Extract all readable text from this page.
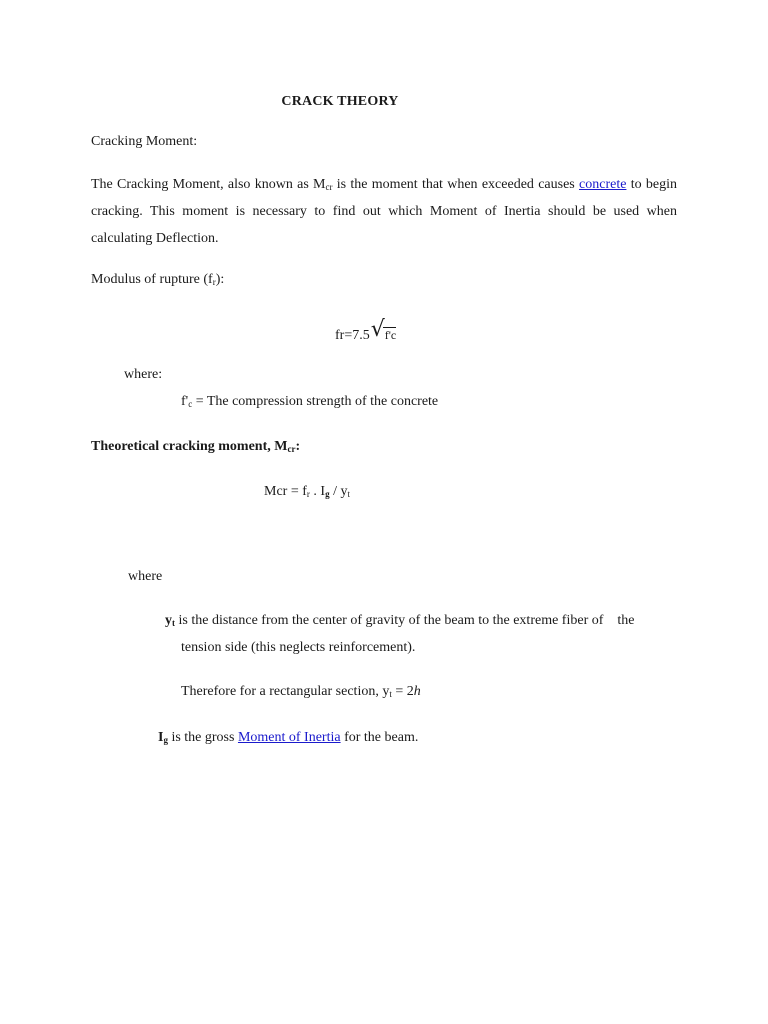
CRACK THEORY
Cracking Moment:
The Cracking Moment, also known as $M_{cr}$ is the moment that when exceeded causes concrete to begin cracking. This moment is necessary to find out which Moment of Inertia should be used when calculating Deflection.
Modulus of rupture $(f_r)$:
fr=7.5√f'c
where:
$f'_c$ = The compression strength of the concrete
Theoretical cracking moment, $M_{cr}$:
Mcr = $f_r$ . $I_g / y_t$
where
$y_t$ is the distance from the center of gravity of the beam to the extreme fiber of    the
tension side (this neglects reinforcement).
Therefore for a rectangular section, $y_t = 2h$
$I_g$ is the gross Moment of Inertia for the beam.
